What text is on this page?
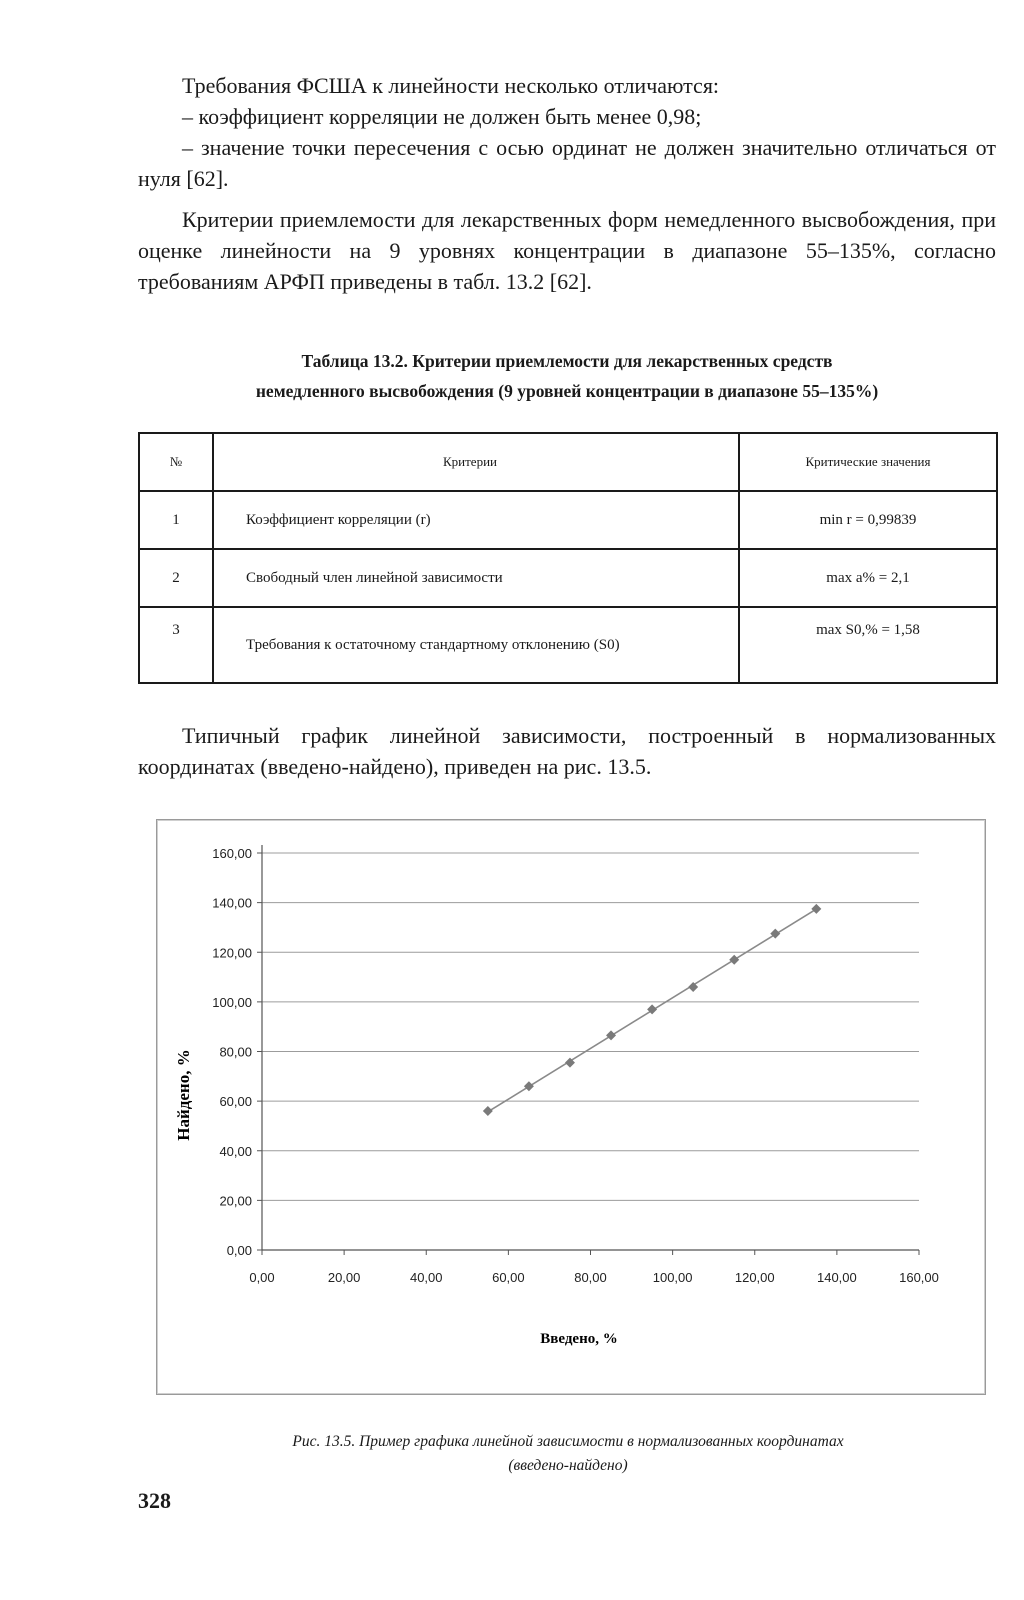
Требования ФСША к линейности несколько отличаются:

– коэффициент корреляции не должен быть менее 0,98;

– значение точки пересечения с осью ординат не должен значительно отличаться от нуля [62].

Критерии приемлемости для лекарственных форм немедленного высвобождения, при оценке линейности на 9 уровнях концентрации в диапазоне 55–135%, согласно требованиям АРФП приведены в табл. 13.2 [62].

Таблица 13.2. Критерии приемлемости для лекарственных средств
немедленного высвобождения (9 уровней концентрации в диапазоне 55–135%)
№	Критерии	Критические значения
1	Коэффициент корреляции (r)	min r = 0,99839
2	Свободный член линейной зависимости	max a% = 2,1
3	Требования к остаточному стандартному отклонению (S0)	max S0,% = 1,58

Типичный график линейной зависимости, построенный в нормализованных координатах (введено-найдено), приведен на рис. 13.5.

0,00
20,00
40,00
60,00
80,00
100,00
120,00
140,00
160,00
0,00	20,00	40,00	60,00	80,00	100,00	120,00	140,00	160,00
Введено, %
Найдено, %
Рис. 13.5. Пример графика линейной зависимости в нормализованных координатах
(введено-найдено)

328
